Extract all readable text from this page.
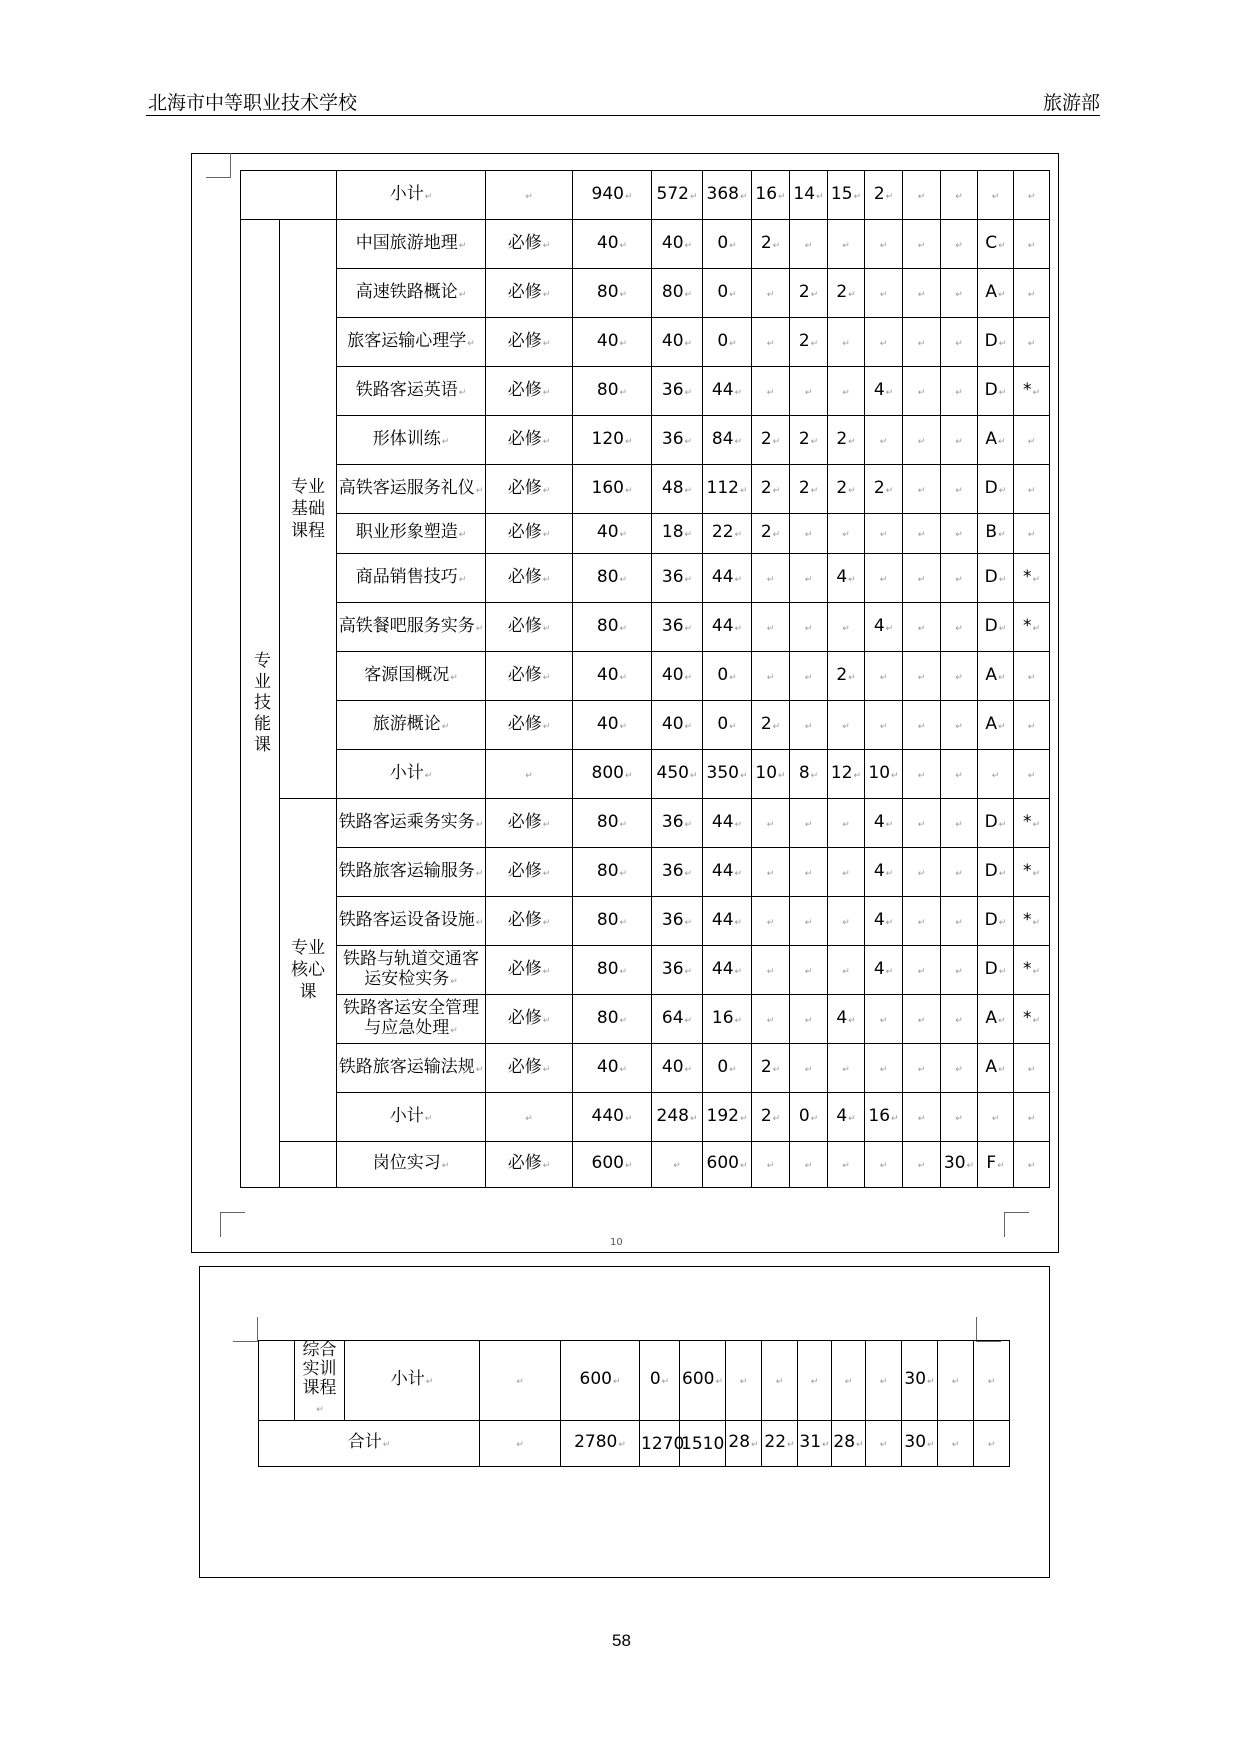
北海市中等职业技术学校	旅游部
10
		小计↵	↵	940↵	572↵	368↵	16↵	14↵	15↵	2↵	↵	↵	↵	↵
专业技能课	专业基础课程	中国旅游地理↵	必修↵	40↵	40↵	0↵	2↵	↵	↵	↵	↵	↵	C↵	↵
		高速铁路概论↵	必修↵	80↵	80↵	0↵	↵	2↵	2↵	↵	↵	↵	A↵	↵
		旅客运输心理学↵	必修↵	40↵	40↵	0↵	↵	2↵	↵	↵	↵	↵	D↵	↵
		铁路客运英语↵	必修↵	80↵	36↵	44↵	↵	↵	↵	4↵	↵	↵	D↵	*↵
		形体训练↵	必修↵	120↵	36↵	84↵	2↵	2↵	2↵	↵	↵	↵	A↵	↵
		高铁客运服务礼仪↵	必修↵	160↵	48↵	112↵	2↵	2↵	2↵	2↵	↵	↵	D↵	↵
		职业形象塑造↵	必修↵	40↵	18↵	22↵	2↵	↵	↵	↵	↵	↵	B↵	↵
		商品销售技巧↵	必修↵	80↵	36↵	44↵	↵	↵	4↵	↵	↵	↵	D↵	*↵
		高铁餐吧服务实务↵	必修↵	80↵	36↵	44↵	↵	↵	↵	4↵	↵	↵	D↵	*↵
		客源国概况↵	必修↵	40↵	40↵	0↵	↵	↵	2↵	↵	↵	↵	A↵	↵
		旅游概论↵	必修↵	40↵	40↵	0↵	2↵	↵	↵	↵	↵	↵	A↵	↵
		小计↵	↵	800↵	450↵	350↵	10↵	8↵	12↵	10↵	↵	↵	↵	↵
	专业核心课	铁路客运乘务实务↵	必修↵	80↵	36↵	44↵	↵	↵	↵	4↵	↵	↵	D↵	*↵
		铁路旅客运输服务↵	必修↵	80↵	36↵	44↵	↵	↵	↵	4↵	↵	↵	D↵	*↵
		铁路客运设备设施↵	必修↵	80↵	36↵	44↵	↵	↵	↵	4↵	↵	↵	D↵	*↵
		铁路与轨道交通客运安检实务↵	必修↵	80↵	36↵	44↵	↵	↵	↵	4↵	↵	↵	D↵	*↵
		铁路客运安全管理与应急处理↵	必修↵	80↵	64↵	16↵	↵	↵	4↵	↵	↵	↵	A↵	*↵
		铁路旅客运输法规↵	必修↵	40↵	40↵	0↵	2↵	↵	↵	↵	↵	↵	A↵	↵
		小计↵	↵	440↵	248↵	192↵	2↵	0↵	4↵	16↵	↵	↵	↵	↵
		岗位实习↵	必修↵	600↵	↵	600↵	↵	↵	↵	↵	↵	30↵	F↵	↵
	综合实训课程↵	小计↵	↵	600↵	0↵	600↵	↵	↵	↵	↵	↵	30↵	↵	↵
合计↵	↵			2780↵	1270	1510	28↵	22↵	31↵	28↵	↵	30↵	↵	↵
58
